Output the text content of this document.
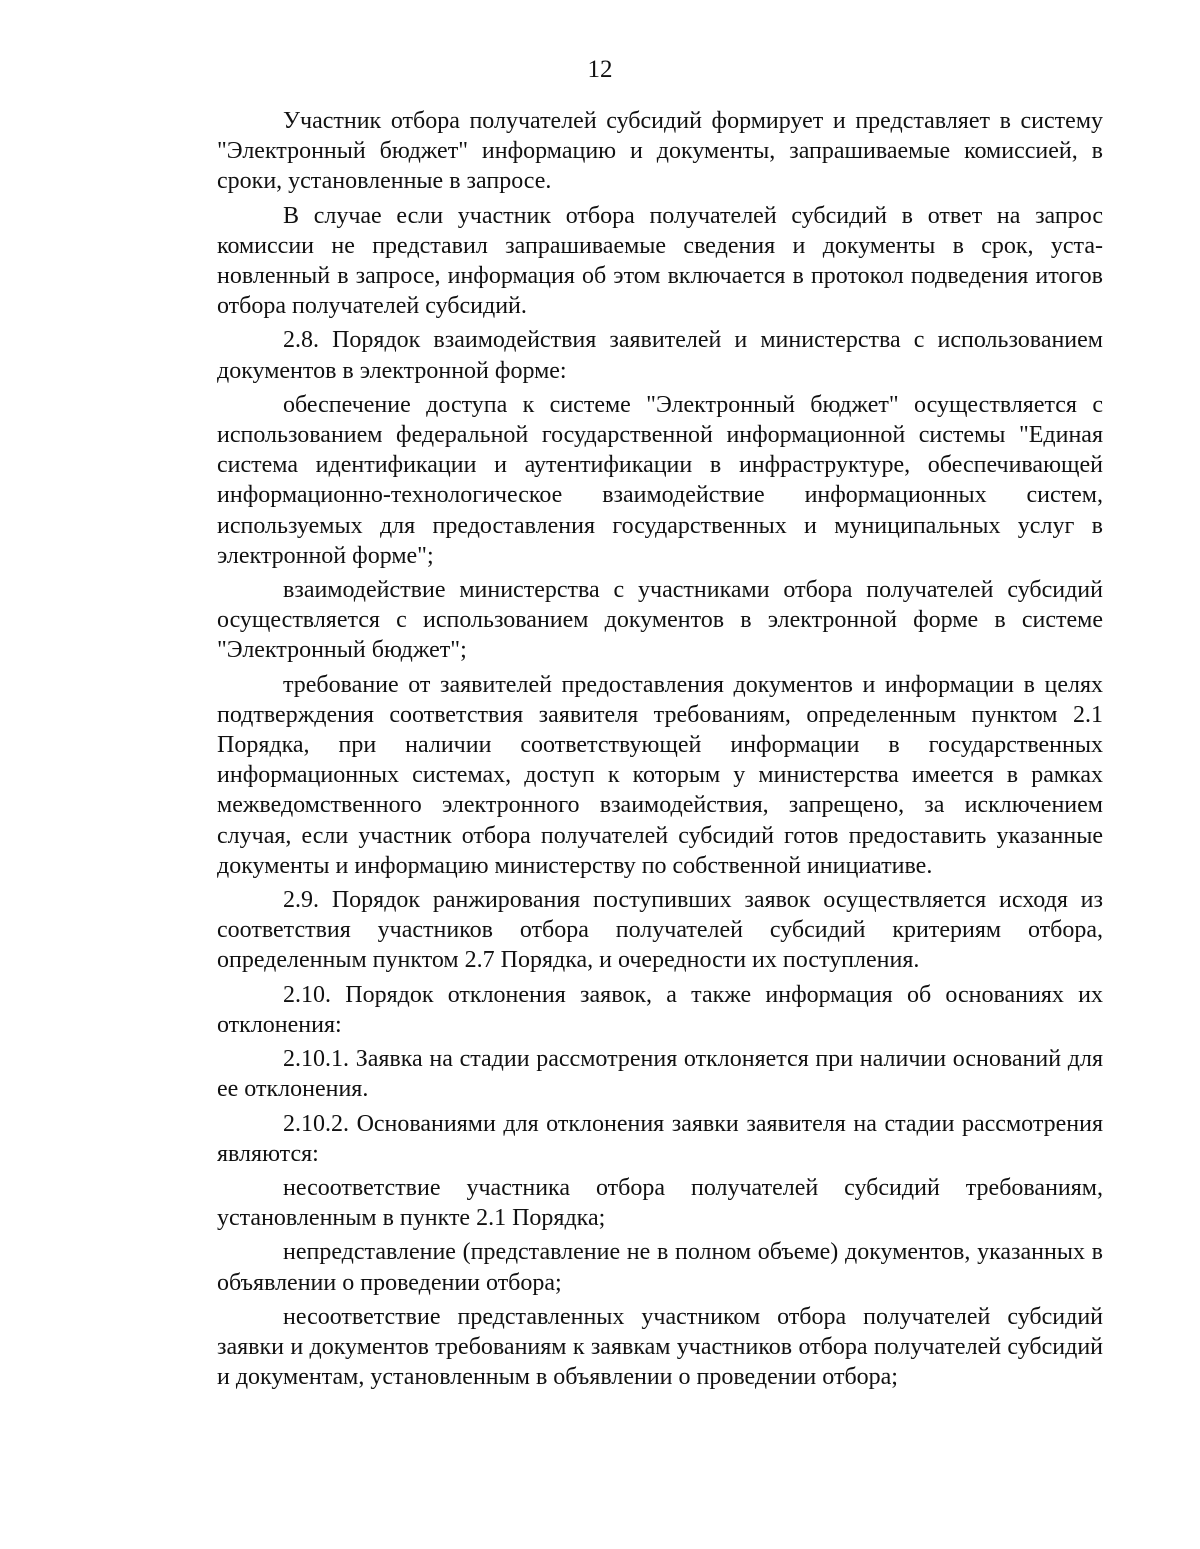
12

Участник отбора получателей субсидий формирует и представляет в систему "Электронный бюджет" информацию и документы, запрашиваемые комиссией, в сроки, установленные в запросе.

В случае если участник отбора получателей субсидий в ответ на запрос комиссии не представил запрашиваемые сведения и документы в срок, установленный в запросе, информация об этом включается в протокол подведения итогов отбора получателей субсидий.

2.8. Порядок взаимодействия заявителей и министерства с использованием документов в электронной форме:

обеспечение доступа к системе "Электронный бюджет" осуществляется с использованием федеральной государственной информационной системы "Единая система идентификации и аутентификации в инфраструктуре, обеспечивающей информационно-технологическое взаимодействие информационных систем, используемых для предоставления государственных и муниципальных услуг в электронной форме";

взаимодействие министерства с участниками отбора получателей субсидий осуществляется с использованием документов в электронной форме в системе "Электронный бюджет";

требование от заявителей предоставления документов и информации в целях подтверждения соответствия заявителя требованиям, определенным пунктом 2.1 Порядка, при наличии соответствующей информации в государственных информационных системах, доступ к которым у министерства имеется в рамках межведомственного электронного взаимодействия, запрещено, за исключением случая, если участник отбора получателей субсидий готов предоставить указанные документы и информацию министерству по собственной инициативе.

2.9. Порядок ранжирования поступивших заявок осуществляется исходя из соответствия участников отбора получателей субсидий критериям отбора, определенным пунктом 2.7 Порядка, и очередности их поступления.

2.10. Порядок отклонения заявок, а также информация об основаниях их отклонения:

2.10.1. Заявка на стадии рассмотрения отклоняется при наличии оснований для ее отклонения.

2.10.2. Основаниями для отклонения заявки заявителя на стадии рассмотрения являются:

несоответствие участника отбора получателей субсидий требованиям, установленным в пункте 2.1 Порядка;

непредставление (представление не в полном объеме) документов, указанных в объявлении о проведении отбора;

несоответствие представленных участником отбора получателей субсидий заявки и документов требованиям к заявкам участников отбора получателей субсидий и документам, установленным в объявлении о проведении отбора;
